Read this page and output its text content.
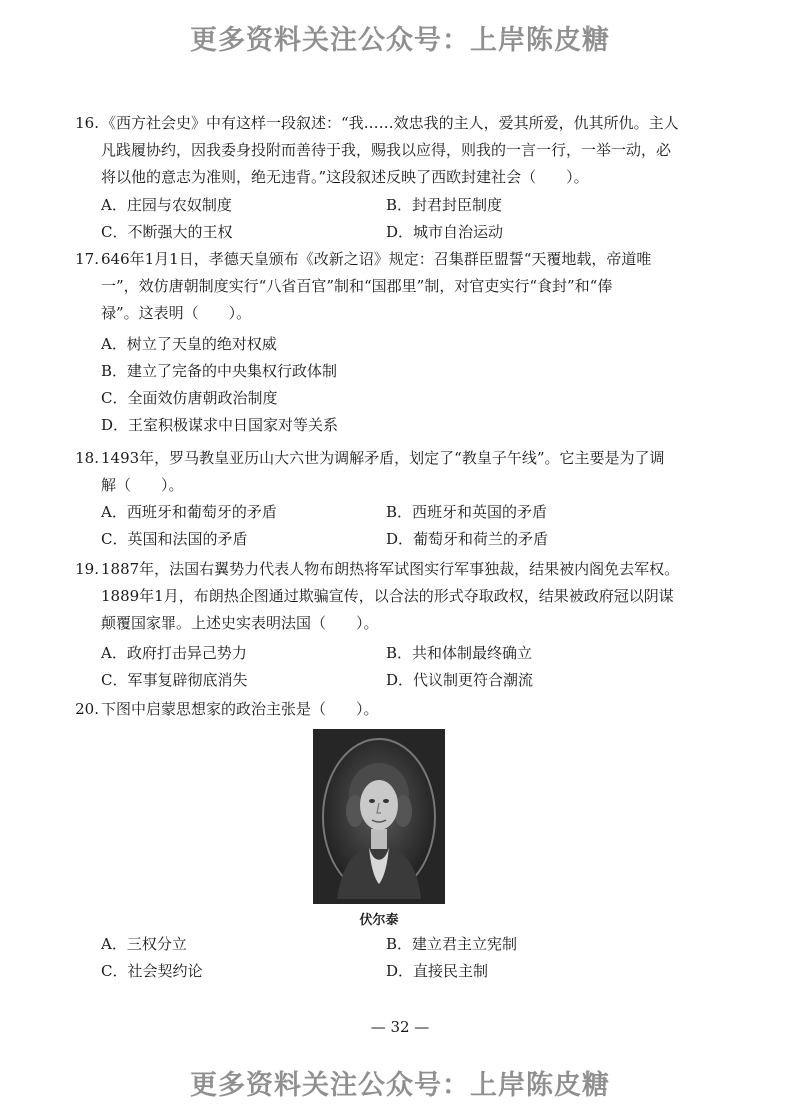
更多资料关注公众号：上岸陈皮糖
16. 《西方社会史》中有这样一段叙述：“我……效忠我的主人，爱其所爱，仇其所仇。主人
凡践履协约，因我委身投附而善待于我，赐我以应得，则我的一言一行，一举一动，必
将以他的意志为准则，绝无违背。”这段叙述反映了西欧封建社会（　　）。
A．庄园与农奴制度	B．封君封臣制度
C．不断强大的王权	D．城市自治运动
17. 646年1月1日，孝德天皇颁布《改新之诏》规定：召集群臣盟誓“天覆地载，帝道唯
一”，效仿唐朝制度实行“八省百官”制和“国郡里”制，对官吏实行“食封”和“俸
禄”。这表明（　　）。
A．树立了天皇的绝对权威
B．建立了完备的中央集权行政体制
C．全面效仿唐朝政治制度
D．王室积极谋求中日国家对等关系
18. 1493年，罗马教皇亚历山大六世为调解矛盾，划定了“教皇子午线”。它主要是为了调
解（　　）。
A．西班牙和葡萄牙的矛盾	B．西班牙和英国的矛盾
C．英国和法国的矛盾	D．葡萄牙和荷兰的矛盾
19. 1887年，法国右翼势力代表人物布朗热将军试图实行军事独裁，结果被内阁免去军权。
1889年1月，布朗热企图通过欺骗宣传，以合法的形式夺取政权，结果被政府冠以阴谋
颠覆国家罪。上述史实表明法国（　　）。
A．政府打击异己势力	B．共和体制最终确立
C．军事复辟彻底消失	D．代议制更符合潮流
20. 下图中启蒙思想家的政治主张是（　　）。
伏尔泰
A．三权分立	B．建立君主立宪制
C．社会契约论	D．直接民主制
— 32 —
更多资料关注公众号：上岸陈皮糖
